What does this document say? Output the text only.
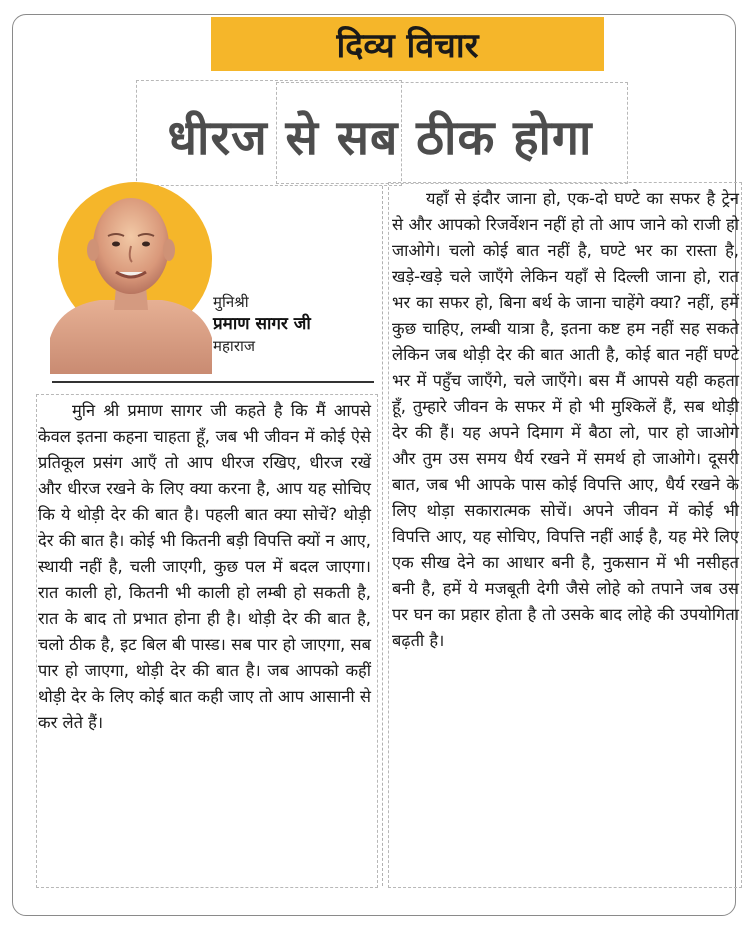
दिव्य विचार
धीरज से सब ठीक होगा
मुनिश्री
प्रमाण सागर जी
महाराज

मुनि श्री प्रमाण सागर जी कहते है कि मैं आपसे केवल इतना कहना चाहता हूँ, जब भी जीवन में कोई ऐसे प्रतिकूल प्रसंग आएँ तो आप धीरज रखिए, धीरज रखें और धीरज रखने के लिए क्या करना है, आप यह सोचिए कि ये थोड़ी देर की बात है। पहली बात क्या सोचें? थोड़ी देर की बात है। कोई भी कितनी बड़ी विपत्ति क्यों न आए, स्थायी नहीं है, चली जाएगी, कुछ पल में बदल जाएगा। रात काली हो, कितनी भी काली हो लम्बी हो सकती है, रात के बाद तो प्रभात होना ही है। थोड़ी देर की बात है, चलो ठीक है, इट बिल बी पास्ड। सब पार हो जाएगा, सब पार हो जाएगा, थोड़ी देर की बात है। जब आपको कहीं थोड़ी देर के लिए कोई बात कही जाए तो आप आसानी से कर लेते हैं।

यहाँ से इंदौर जाना हो, एक-दो घण्टे का सफर है ट्रेन से और आपको रिजर्वेशन नहीं हो तो आप जाने को राजी हो जाओगे। चलो कोई बात नहीं है, घण्टे भर का रास्ता है, खड़े-खड़े चले जाएँगे लेकिन यहाँ से दिल्ली जाना हो, रात भर का सफर हो, बिना बर्थ के जाना चाहेंगे क्या? नहीं, हमें कुछ चाहिए, लम्बी यात्रा है, इतना कष्ट हम नहीं सह सकते लेकिन जब थोड़ी देर की बात आती है, कोई बात नहीं घण्टे भर में पहुँच जाएँगे, चले जाएँगे। बस मैं आपसे यही कहता हूँ, तुम्हारे जीवन के सफर में हो भी मुश्किलें हैं, सब थोड़ी देर की हैं। यह अपने दिमाग में बैठा लो, पार हो जाओगे और तुम उस समय धैर्य रखने में समर्थ हो जाओगे। दूसरी बात, जब भी आपके पास कोई विपत्ति आए, धैर्य रखने के लिए थोड़ा सकारात्मक सोचें। अपने जीवन में कोई भी विपत्ति आए, यह सोचिए, विपत्ति नहीं आई है, यह मेरे लिए एक सीख देने का आधार बनी है, नुकसान में भी नसीहत बनी है, हमें ये मजबूती देगी जैसे लोहे को तपाने जब उस पर घन का प्रहार होता है तो उसके बाद लोहे की उपयोगिता बढ़ती है।
